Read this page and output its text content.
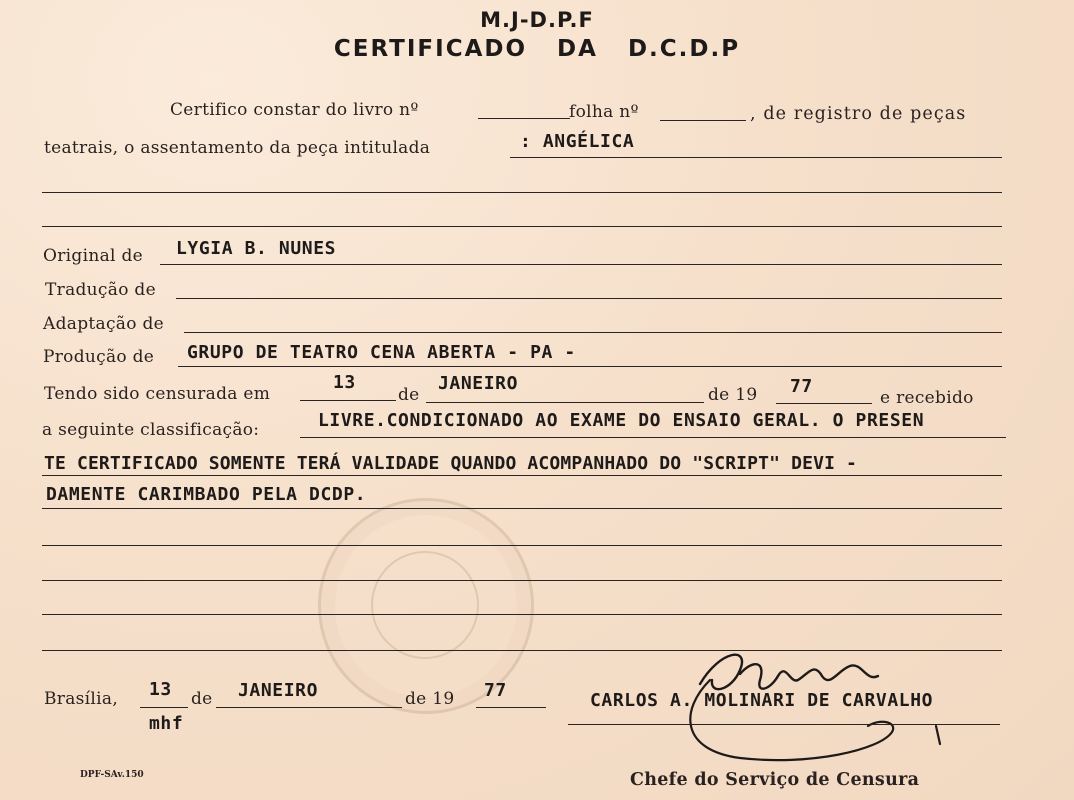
M.J-D.P.F
CERTIFICADO   DA   D.C.D.P
Certifico constar do livro nº	folha nº	, de registro de peças
teatrais, o assentamento da peça intitulada	: ANGÉLICA
Original de LYGIA B. NUNES
Tradução de
Adaptação de
Produção de GRUPO DE TEATRO CENA ABERTA - PA -
Tendo sido censurada em
13
de
JANEIRO
de 19 77
e recebido
a seguinte classificação:	LIVRE.CONDICIONADO AO EXAME DO ENSAIO GERAL. O PRESEN
TE CERTIFICADO SOMENTE TERÁ VALIDADE QUANDO ACOMPANHADO DO "SCRIPT" DEVI -
DAMENTE CARIMBADO PELA DCDP.
Brasília, 13 de JANEIRO	de 19 77
mhf
CARLOS A. MOLINARI DE CARVALHO
Chefe do Serviço de Censura
DPF-SAv.150
